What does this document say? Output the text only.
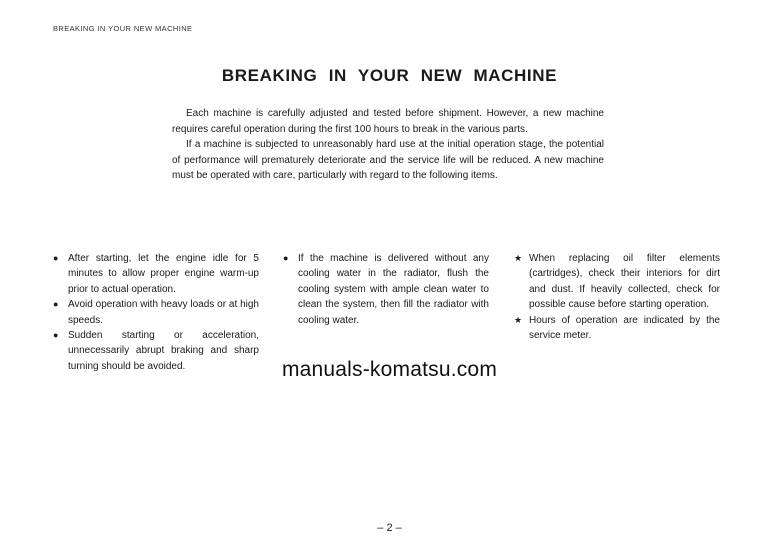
BREAKING IN YOUR NEW MACHINE
BREAKING IN YOUR NEW MACHINE

Each machine is carefully adjusted and tested before shipment. However, a new machine requires careful operation during the first 100 hours to break in the various parts.

If a machine is subjected to unreasonably hard use at the initial operation stage, the potential of performance will prematurely deteriorate and the service life will be reduced. A new machine must be operated with care, particularly with regard to the following items.

● After starting, let the engine idle for 5 minutes to allow proper engine warm-up prior to actual operation.
● Avoid operation with heavy loads or at high speeds.
● Sudden starting or acceleration, unnecessarily abrupt braking and sharp turning should be avoided.
● If the machine is delivered without any cooling water in the radiator, flush the cooling system with ample clean water to clean the system, then fill the radiator with cooling water.
★ When replacing oil filter elements (cartridges), check their interiors for dirt and dust. If heavily collected, check for possible cause before starting operation.
★ Hours of operation are indicated by the service meter.
manuals-komatsu.com
– 2 –
